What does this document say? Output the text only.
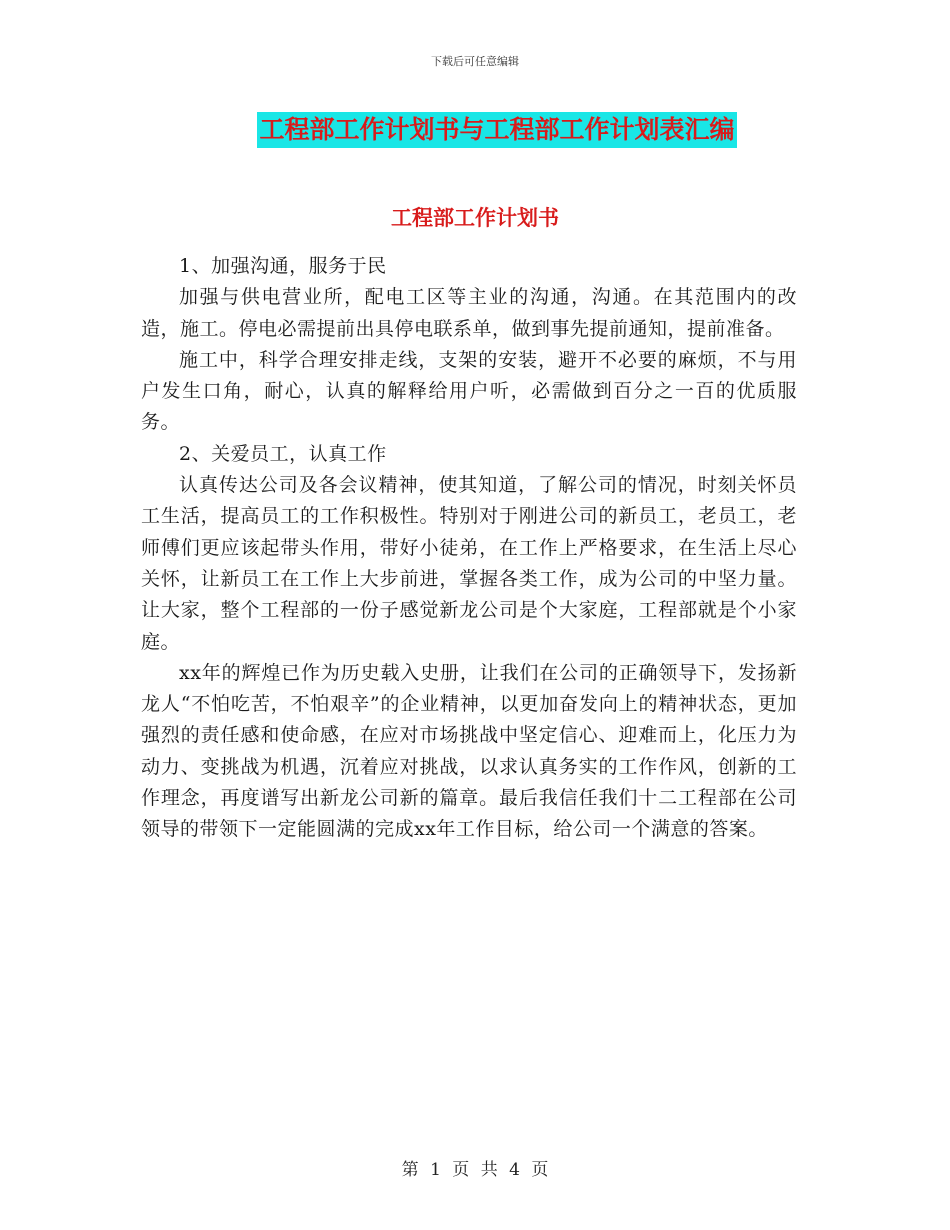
下载后可任意编辑
工程部工作计划书与工程部工作计划表汇编
工程部工作计划书

1、加强沟通，服务于民

加强与供电营业所，配电工区等主业的沟通，沟通。在其范围内的改造，施工。停电必需提前出具停电联系单，做到事先提前通知，提前准备。

施工中，科学合理安排走线，支架的安装，避开不必要的麻烦，不与用户发生口角，耐心，认真的解释给用户听，必需做到百分之一百的优质服务。

2、关爱员工，认真工作

认真传达公司及各会议精神，使其知道，了解公司的情况，时刻关怀员工生活，提高员工的工作积极性。特别对于刚进公司的新员工，老员工，老师傅们更应该起带头作用，带好小徒弟，在工作上严格要求，在生活上尽心关怀，让新员工在工作上大步前进，掌握各类工作，成为公司的中坚力量。让大家，整个工程部的一份子感觉新龙公司是个大家庭，工程部就是个小家庭。

xx年的辉煌已作为历史载入史册，让我们在公司的正确领导下，发扬新龙人“不怕吃苦，不怕艰辛”的企业精神，以更加奋发向上的精神状态，更加强烈的责任感和使命感，在应对市场挑战中坚定信心、迎难而上，化压力为动力、变挑战为机遇，沉着应对挑战，以求认真务实的工作作风，创新的工作理念，再度谱写出新龙公司新的篇章。最后我信任我们十二工程部在公司领导的带领下一定能圆满的完成xx年工作目标，给公司一个满意的答案。

第 1 页 共 4 页
